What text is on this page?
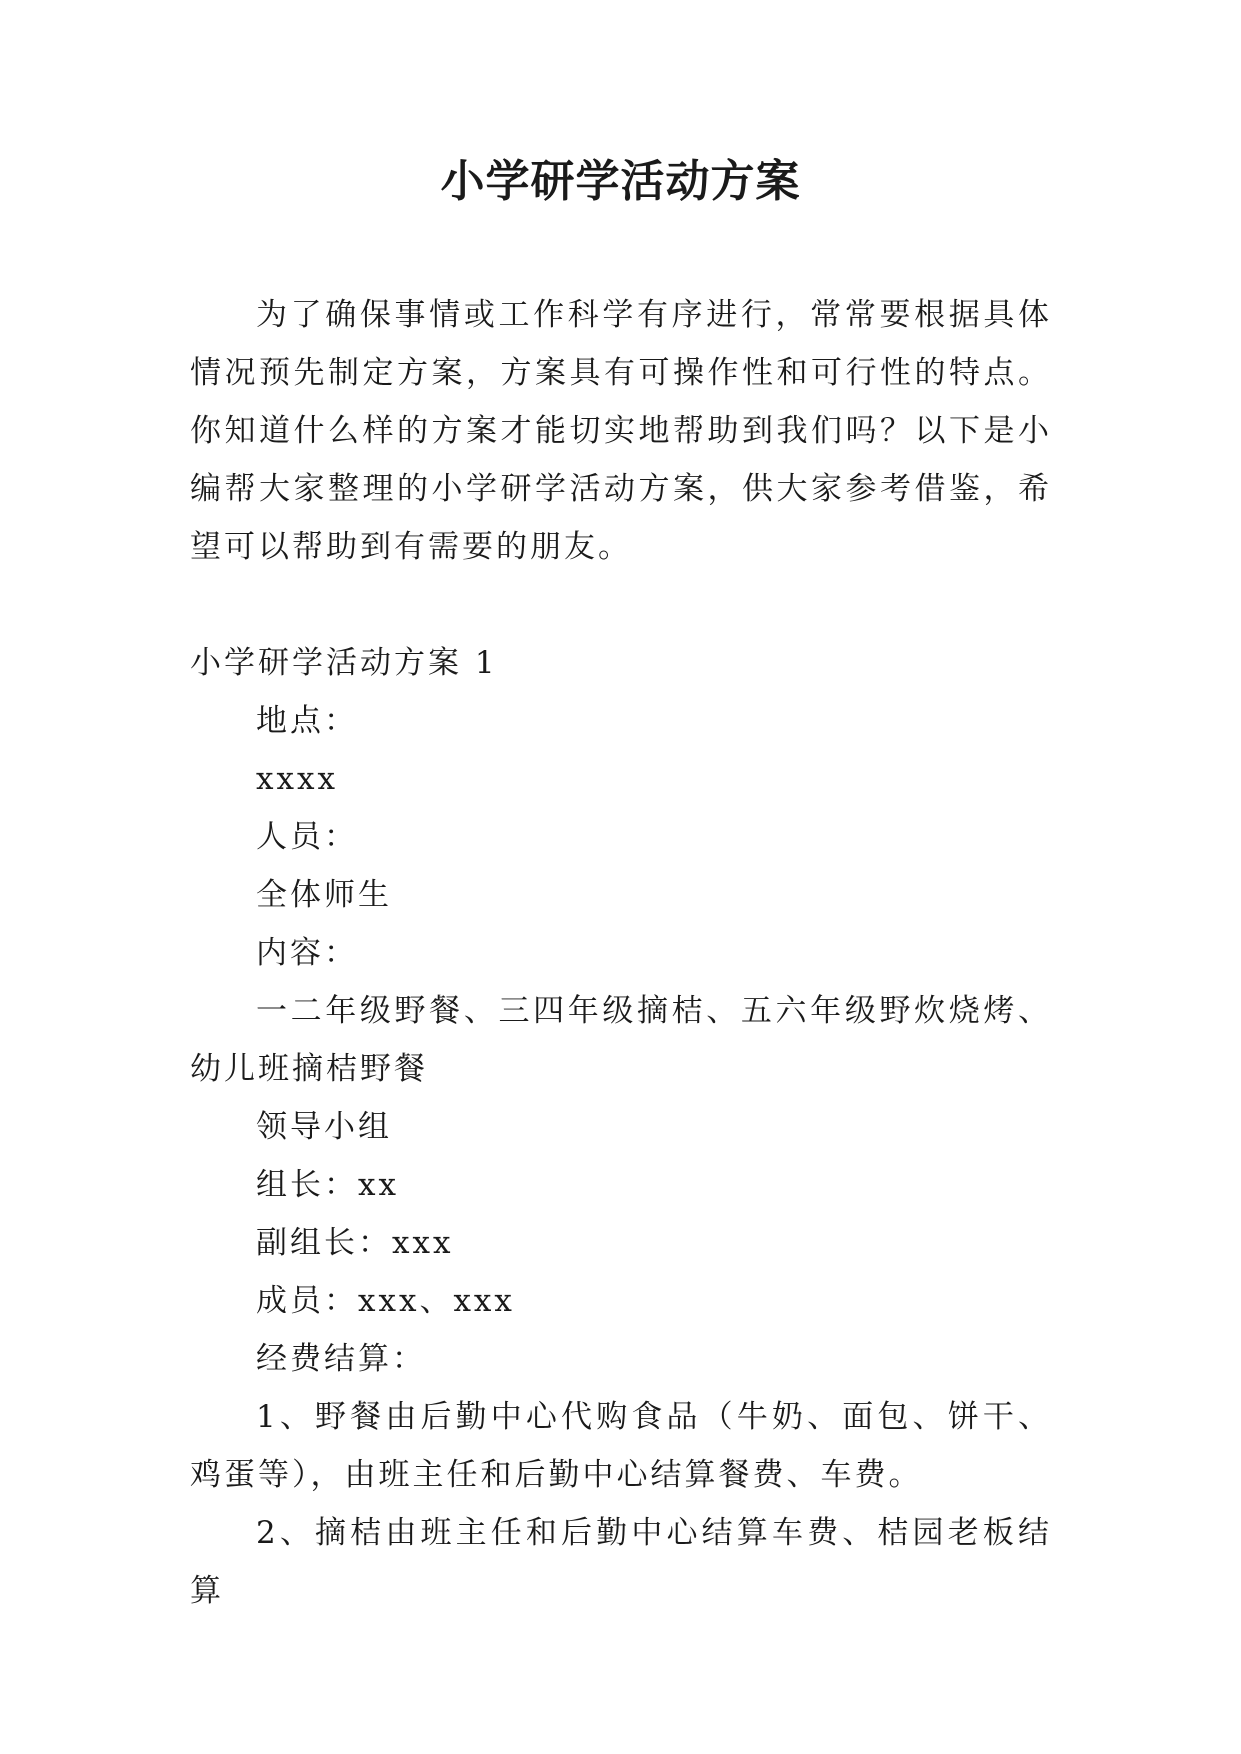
小学研学活动方案

为了确保事情或工作科学有序进行，常常要根据具体情况预先制定方案，方案具有可操作性和可行性的特点。你知道什么样的方案才能切实地帮助到我们吗？以下是小编帮大家整理的小学研学活动方案，供大家参考借鉴，希望可以帮助到有需要的朋友。

小学研学活动方案 1

地点：

xxxx

人员：

全体师生

内容：

一二年级野餐、三四年级摘桔、五六年级野炊烧烤、幼儿班摘桔野餐

领导小组

组长：xx

副组长：xxx

成员：xxx、xxx

经费结算：

1、野餐由后勤中心代购食品（牛奶、面包、饼干、鸡蛋等），由班主任和后勤中心结算餐费、车费。

2、摘桔由班主任和后勤中心结算车费、桔园老板结算
